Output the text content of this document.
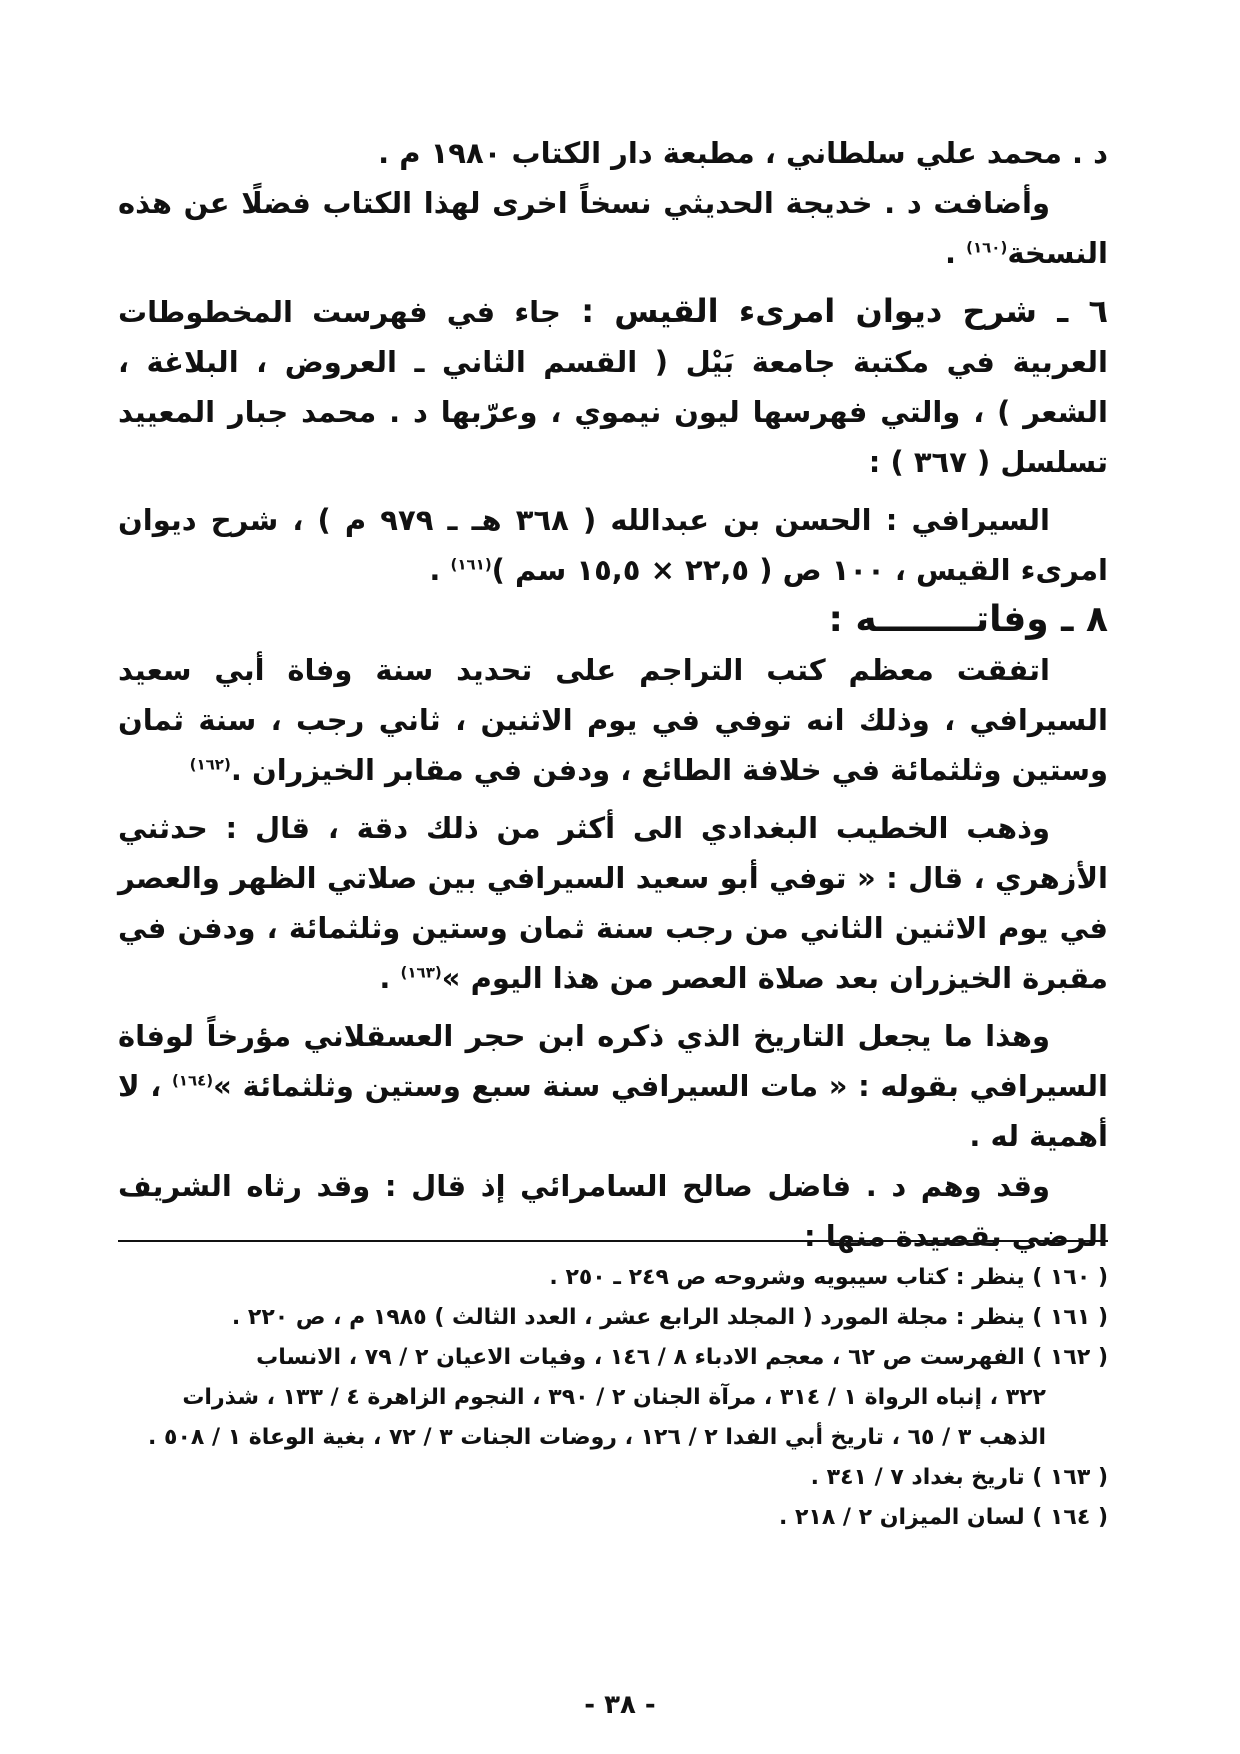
د . محمد علي سلطاني ، مطبعة دار الكتاب ١٩٨٠ م .

وأضافت د . خديجة الحديثي نسخاً اخرى لهذا الكتاب فضلًا عن هذه النسخة$^{(١٦٠)}$ .

٦ ـ شرح ديوان امرىء القيس : جاء في فهرست المخطوطات العربية في مكتبة جامعة بَيْل ( القسم الثاني ـ العروض ، البلاغة ، الشعر ) ، والتي فهرسها ليون نيموي ، وعرّبها د . محمد جبار المعييد تسلسل ( ٣٦٧ ) :

السيرافي : الحسن بن عبدالله ( ٣٦٨ هـ ـ ٩٧٩ م ) ، شرح ديوان امرىء القيس ، ١٠٠ ص ( ٢٢,٥ × ١٥,٥ سم )$^{(١٦١)}$ .

٨ ـ وفاتــــــــه :

اتفقت معظم كتب التراجم على تحديد سنة وفاة أبي سعيد السيرافي ، وذلك انه توفي في يوم الاثنين ، ثاني رجب ، سنة ثمان وستين وثلثمائة في خلافة الطائع ، ودفن في مقابر الخيزران .$^{(١٦٢)}$

وذهب الخطيب البغدادي الى أكثر من ذلك دقة ، قال : حدثني الأزهري ، قال : « توفي أبو سعيد السيرافي بين صلاتي الظهر والعصر في يوم الاثنين الثاني من رجب سنة ثمان وستين وثلثمائة ، ودفن في مقبرة الخيزران بعد صلاة العصر من هذا اليوم »$^{(١٦٣)}$ .

وهذا ما يجعل التاريخ الذي ذكره ابن حجر العسقلاني مؤرخاً لوفاة السيرافي بقوله : « مات السيرافي سنة سبع وستين وثلثمائة »$^{(١٦٤)}$ ، لا أهمية له .

وقد وهم د . فاضل صالح السامرائي إذ قال : وقد رثاه الشريف الرضي بقصيدة منها :

( ١٦٠ ) ينظر : كتاب سيبويه وشروحه ص ٢٤٩ ـ ٢٥٠ .

( ١٦١ ) ينظر : مجلة المورد ( المجلد الرابع عشر ، العدد الثالث ) ١٩٨٥ م ، ص ٢٢٠ .

( ١٦٢ ) الفهرست ص ٦٢ ، معجم الادباء ٨ / ١٤٦ ، وفيات الاعيان ٢ / ٧٩ ، الانساب

٣٢٢ ، إنباه الرواة ١ / ٣١٤ ، مرآة الجنان ٢ / ٣٩٠ ، النجوم الزاهرة ٤ / ١٣٣ ، شذرات الذهب ٣ / ٦٥ ، تاريخ أبي الفدا ٢ / ١٢٦ ، روضات الجنات ٣ / ٧٢ ، بغية الوعاة ١ / ٥٠٨ .

( ١٦٣ ) تاريخ بغداد ٧ / ٣٤١ .

( ١٦٤ ) لسان الميزان ٢ / ٢١٨ .

- ٣٨ -
